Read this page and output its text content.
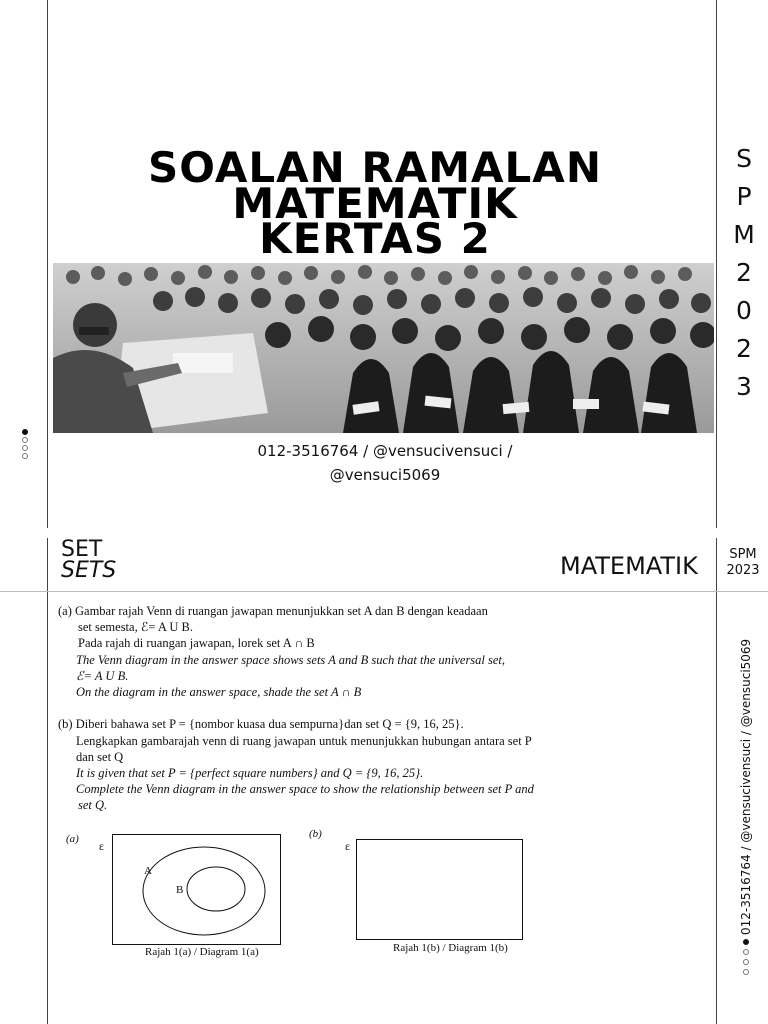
SOALAN RAMALAN
MATEMATIK
KERTAS 2
S
P
M
2
0
2
3
012-3516764 / @vensucivensuci /
@vensuci5069
SET
SETS	MATEMATIK	SPM
2023
(a) Gambar rajah Venn di ruangan jawapan menunjukkan set A dan B dengan keadaan
set semesta, ℰ= A U B.
Pada rajah di ruangan jawapan, lorek set A ∩ B
The Venn diagram in the answer space shows sets A and B such that the universal set,
ℰ= A U B.
On the diagram in the answer space, shade the set A ∩ B
(b) Diberi bahawa set P = {nombor kuasa dua sempurna}dan set Q = {9, 16, 25}.
Lengkapkan gambarajah venn di ruang jawapan untuk menunjukkan hubungan antara set P
dan set Q
It is given that set P = {perfect square numbers} and Q = {9, 16, 25}.
Complete the Venn diagram in the answer space to show the relationship between set P and
set Q.
(a) ε
A
B
Rajah 1(a) / Diagram 1(a)
(b)
ε
Rajah 1(b) / Diagram 1(b)
012-3516764 / @vensucivensuci / @vensuci5069
